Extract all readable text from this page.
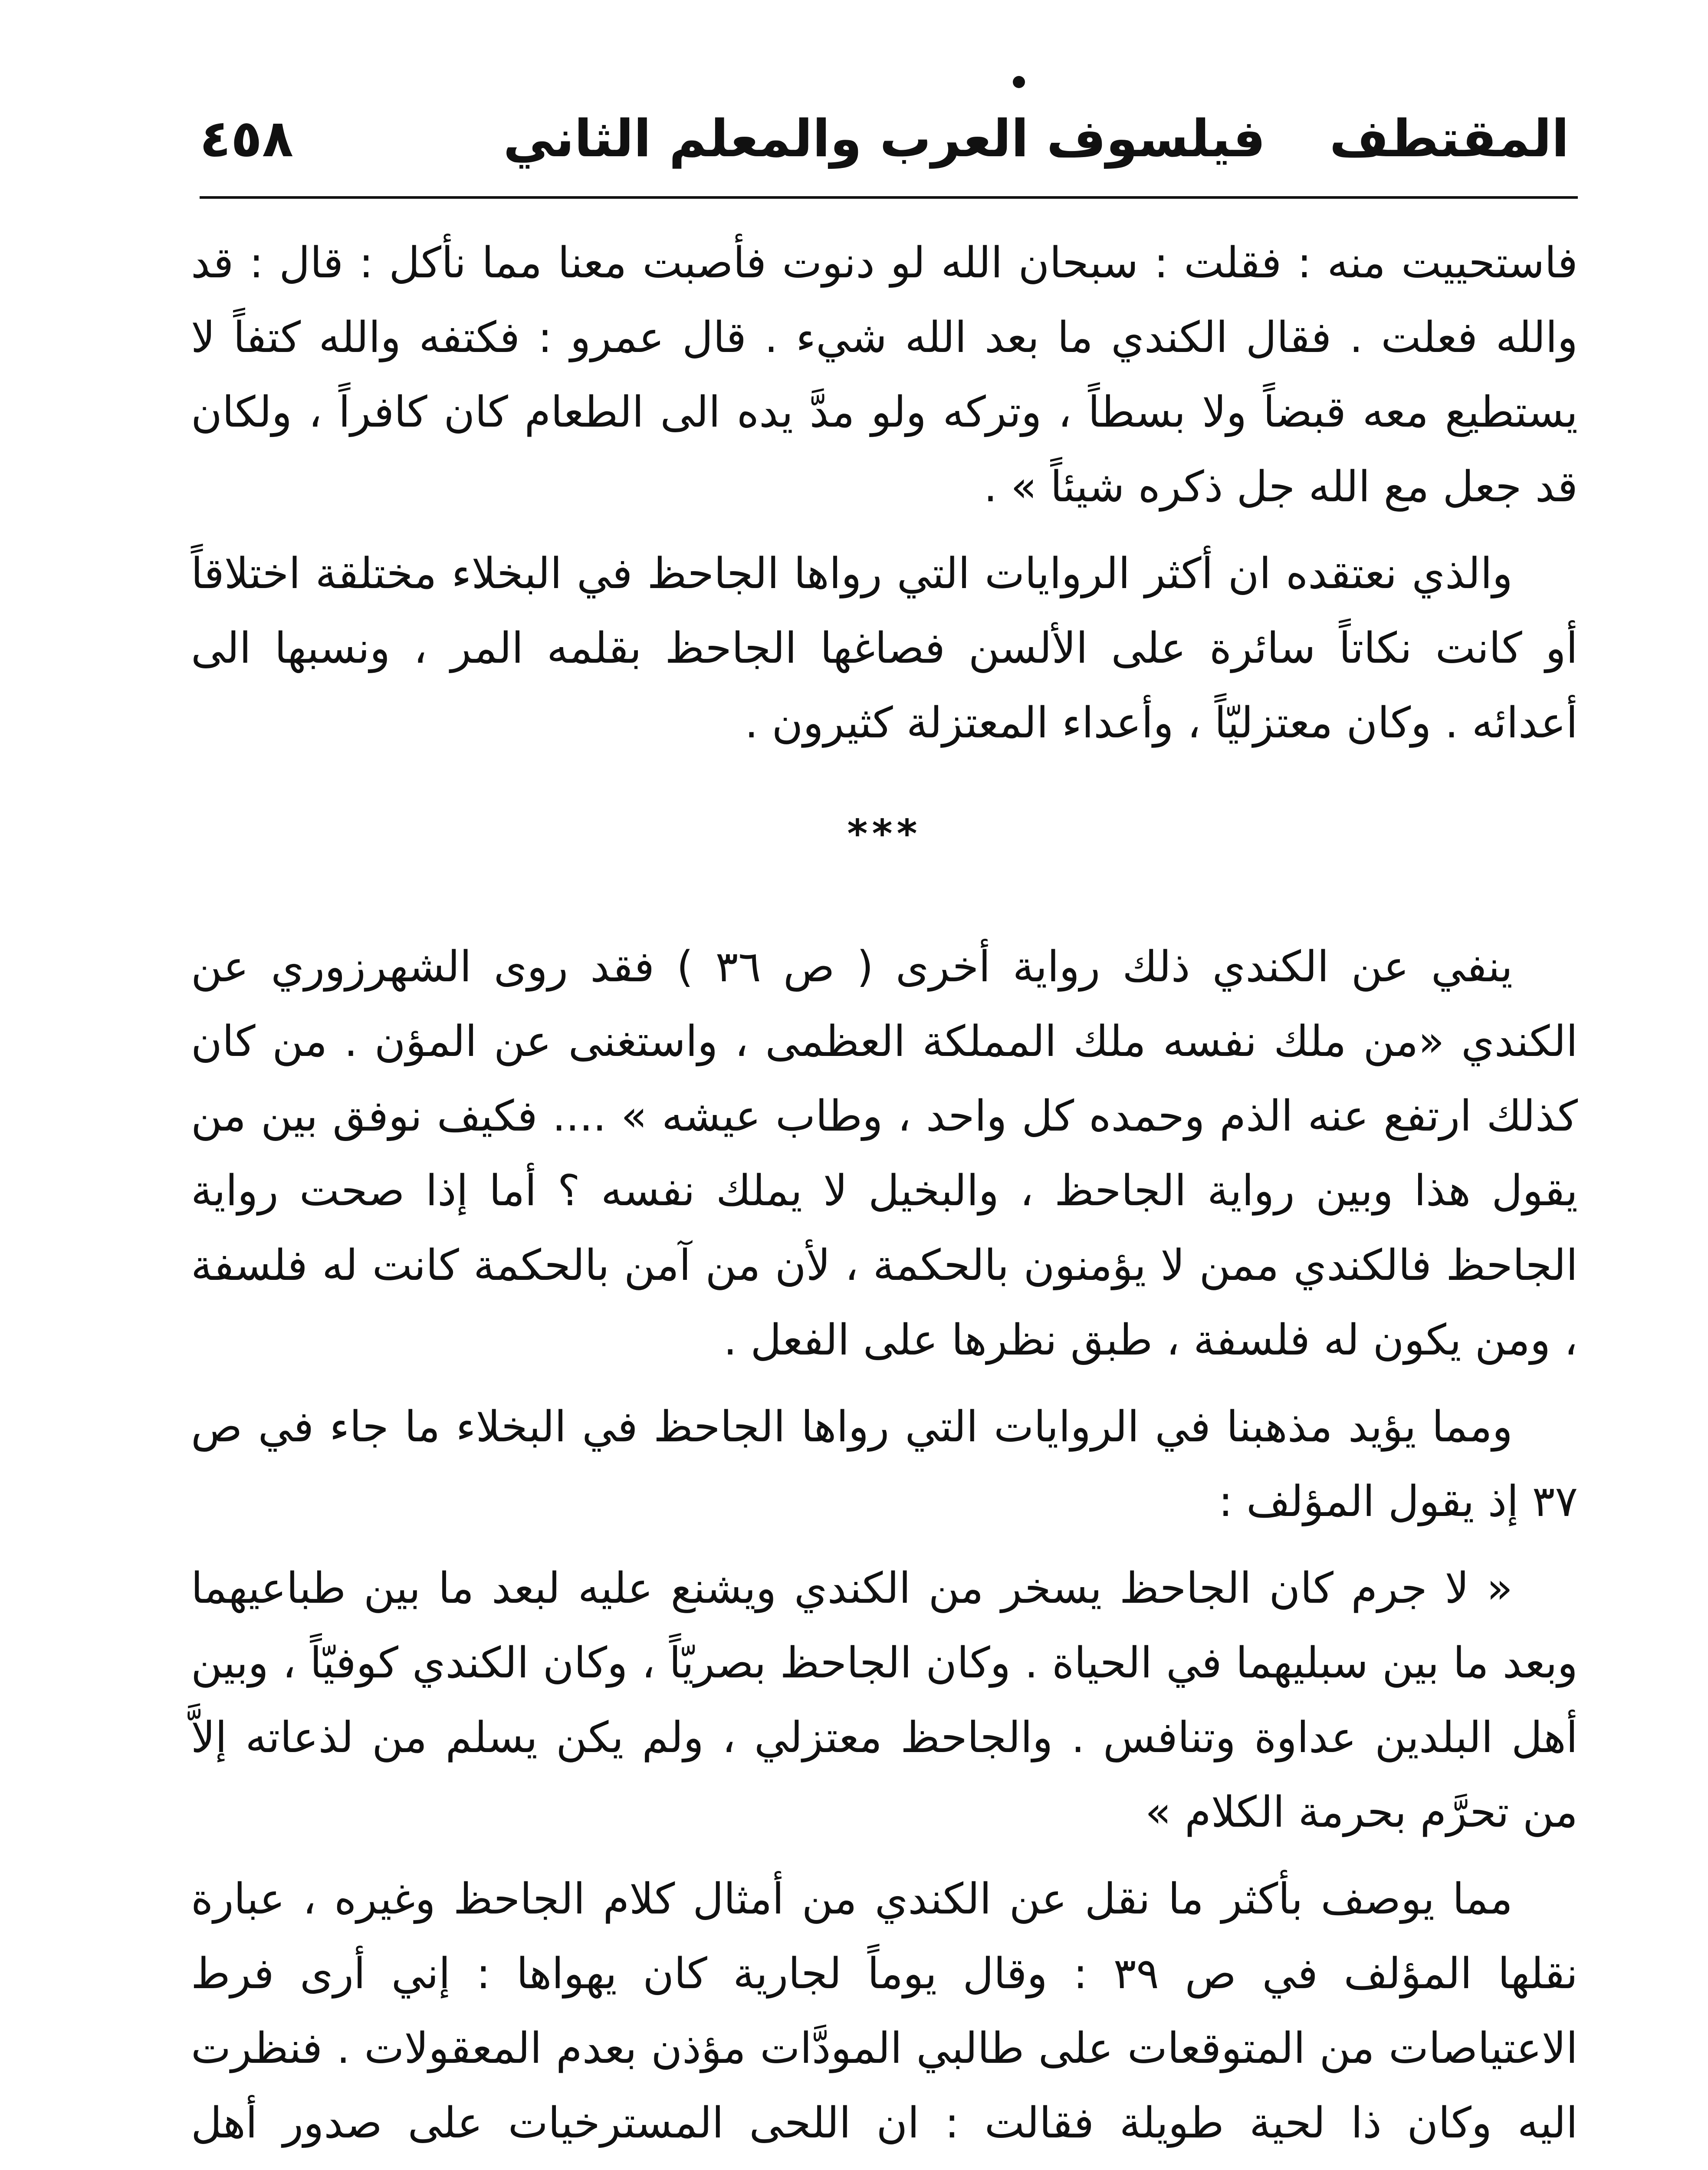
٤٥٨	فيلسوف العرب والمعلم الثاني	المقتطف

فاستحييت منه : فقلت : سبحان الله لو دنوت فأصبت معنا مما نأكل : قال : قد والله فعلت . فقال الكندي ما بعد الله شيء . قال عمرو : فكتفه والله كتفاً لا يستطيع معه قبضاً ولا بسطاً ، وتركه ولو مدَّ يده الى الطعام كان كافراً ، ولكان قد جعل مع الله جل ذكره شيئاً » .

والذي نعتقده ان أكثر الروايات التي رواها الجاحظ في البخلاء مختلقة اختلاقاً أو كانت نكاتاً سائرة على الألسن فصاغها الجاحظ بقلمه المر ، ونسبها الى أعدائه . وكان معتزليّاً ، وأعداء المعتزلة كثيرون .

***

ينفي عن الكندي ذلك رواية أخرى ( ص ٣٦ ) فقد روى الشهرزوري عن الكندي «من ملك نفسه ملك المملكة العظمى ، واستغنى عن المؤن . من كان كذلك ارتفع عنه الذم وحمده كل واحد ، وطاب عيشه » .... فكيف نوفق بين من يقول هذا وبين رواية الجاحظ ، والبخيل لا يملك نفسه ؟ أما إذا صحت رواية الجاحظ فالكندي ممن لا يؤمنون بالحكمة ، لأن من آمن بالحكمة كانت له فلسفة ، ومن يكون له فلسفة ، طبق نظرها على الفعل .

ومما يؤيد مذهبنا في الروايات التي رواها الجاحظ في البخلاء ما جاء في ص ٣٧ إذ يقول المؤلف :

« لا جرم كان الجاحظ يسخر من الكندي ويشنع عليه لبعد ما بين طباعيهما وبعد ما بين سبليهما في الحياة . وكان الجاحظ بصريّاً ، وكان الكندي كوفيّاً ، وبين أهل البلدين عداوة وتنافس . والجاحظ معتزلي ، ولم يكن يسلم من لذعاته إلاَّ من تحرَّم بحرمة الكلام »

مما يوصف بأكثر ما نقل عن الكندي من أمثال كلام الجاحظ وغيره ، عبارة نقلها المؤلف في ص ٣٩ : وقال يوماً لجارية كان يهواها : إني أرى فرط الاعتياصات من المتوقعات على طالبي المودَّات مؤذن بعدم المعقولات . فنظرت اليه وكان ذا لحية طويلة فقالت : ان اللحى المسترخيات على صدور أهل
